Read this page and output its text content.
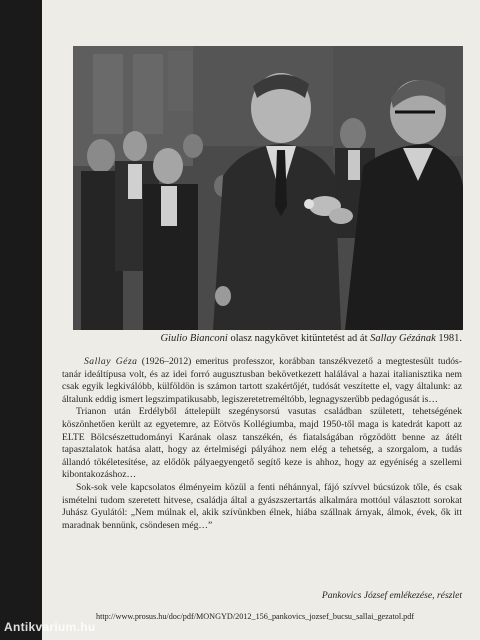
Giulio Bianconi olasz nagykövet kitüntetést ad át Sallay Gézának 1981.

Sallay Géza (1926–2012) emeritus professzor, korábban tanszékvezető a megtestesült tudós-tanár ideáltípusa volt, és az idei forró augusztusban bekövetkezett halálával a hazai italianisztika nem csak egyik legkiválóbb, külföldön is számon tartott szakértőjét, tudósát veszítette el, vagy általunk: az általunk eddig ismert legszimpatikusabb, legiszeretetreméltóbb, legnagyszerűbb pedagógusát is…

Trianon után Erdélyből áttelepült szegénysorsú vasutas családban született, tehetségének köszönhetően került az egyetemre, az Eötvös Kollégiumba, majd 1950-től maga is katedrát kapott az ELTE Bölcsészettudományi Karának olasz tanszékén, és fiatalságában rögzödött benne az átélt tapasztalatok hatása alatt, hogy az értelmiségi pályához nem elég a tehetség, a szorgalom, a tudás állandó tökéletesítése, az elődök pályaegyengető segítő keze is ahhoz, hogy az egyéniség a szellemi kibontakozáshoz…

Sok-sok vele kapcsolatos élményeim közül a fenti néhánnyal, fájó szívvel búcsúzok tőle, és csak ismételni tudom szeretett hitvese, családja által a gyászszertartás alkalmára mottóul választott sorokat Juhász Gyulától: „Nem múlnak el, akik szívünkben élnek, hiába szállnak árnyak, álmok, évek, ők itt maradnak bennünk, csöndesen még…”

Pankovics József emlékezése, részlet
http://www.prosus.hu/doc/pdf/MONGYD/2012_156_pankovics_jozsef_bucsu_sallai_gezatol.pdf
Antikvarium.hu
